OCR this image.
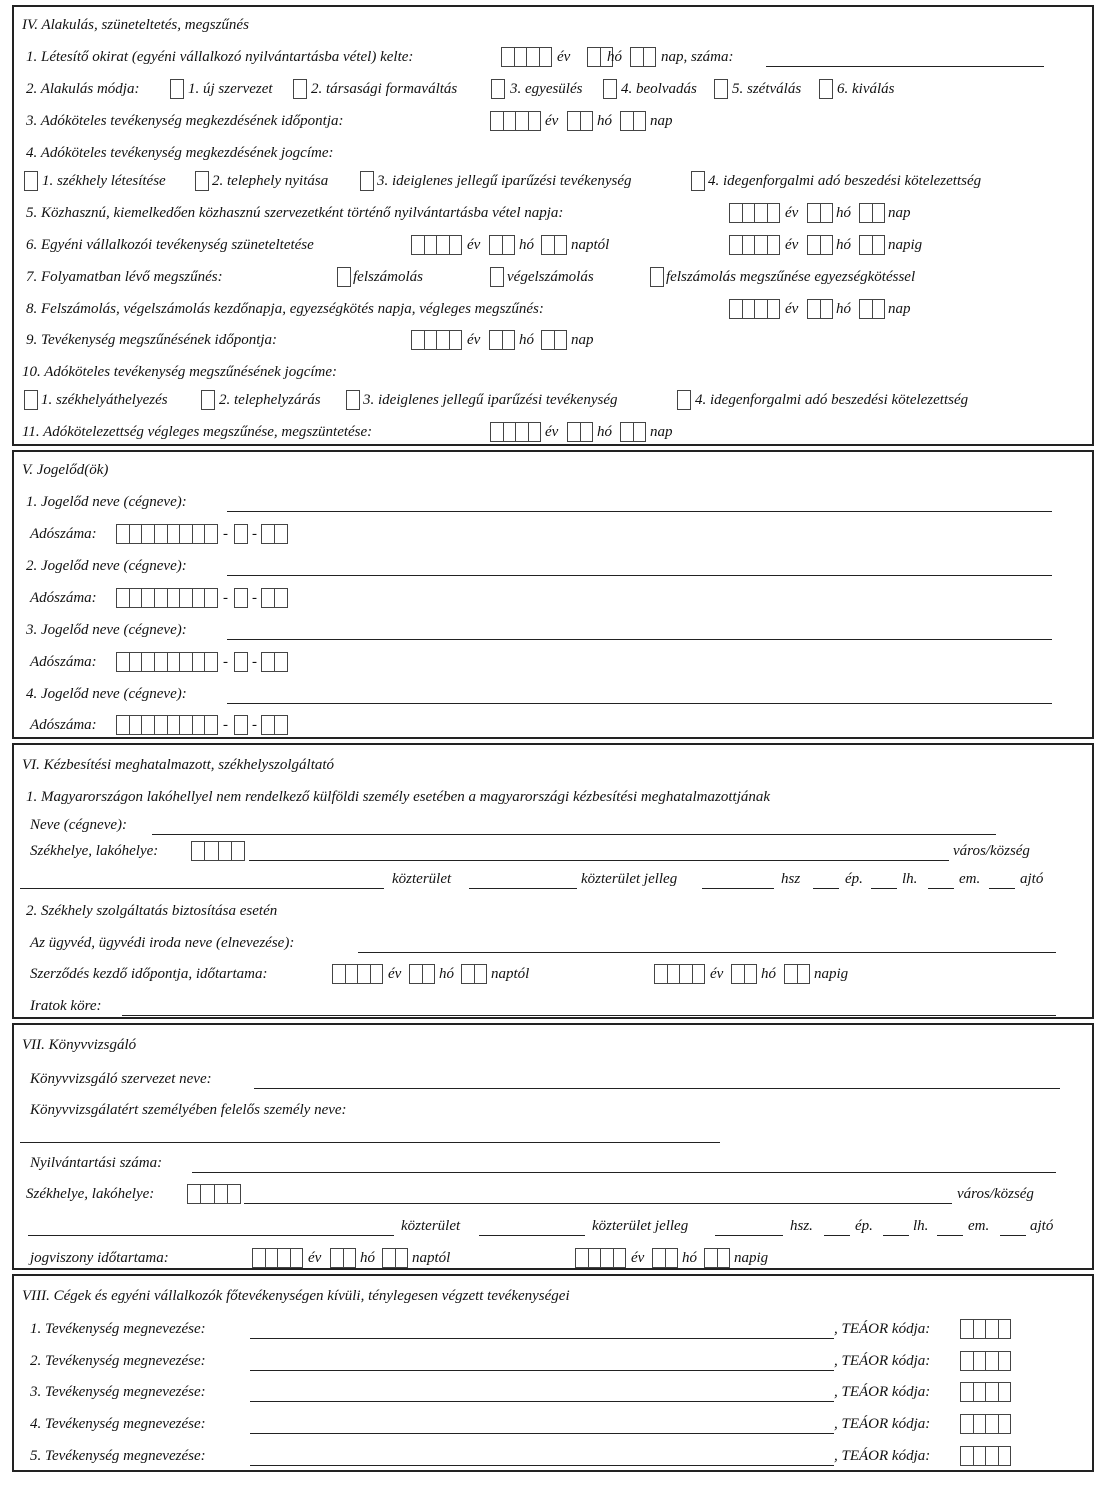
IV. Alakulás, szüneteltetés, megszűnés
1. Létesítő okirat (egyéni vállalkozó nyilvántartásba vétel) kelte:	év hó	nap, száma:
2. Alakulás módja:	1. új szervezet	2. társasági formaváltás	3. egyesülés	4. beolvadás 5. szétválás 6. kiválás
3. Adóköteles tevékenység megkezdésének időpontja:	év	hó	nap
4. Adóköteles tevékenység megkezdésének jogcíme:
1. székhely létesítése	2. telephely nyitása	3. ideiglenes jellegű iparűzési tevékenység	4. idegenforgalmi adó beszedési kötelezettség
5. Közhasznú, kiemelkedően közhasznú szervezetként történő nyilvántartásba vétel napja:	év	hó nap
6. Egyéni vállalkozói tevékenység szüneteltetése	év	hó naptól	év	hó napig
7. Folyamatban lévő megszűnés:	felszámolás	végelszámolás	felszámolás megszűnése egyezségkötéssel
8. Felszámolás, végelszámolás kezdőnapja, egyezségkötés napja, végleges megszűnés:	év	hó nap
9. Tevékenység megszűnésének időpontja:	év	hó nap
10. Adóköteles tevékenység megszűnésének jogcíme:
1. székhelyáthelyezés	2. telephelyzárás	3. ideiglenes jellegű iparűzési tevékenység	4. idegenforgalmi adó beszedési kötelezettség
11. Adókötelezettség végleges megszűnése, megszüntetése:	év	hó	nap
V. Jogelőd(ök)
1. Jogelőd neve (cégneve):
Adószáma:	- -
2. Jogelőd neve (cégneve):
Adószáma:	- -
3. Jogelőd neve (cégneve):
Adószáma:	- -
4. Jogelőd neve (cégneve):
Adószáma:	- -
VI. Kézbesítési meghatalmazott, székhelyszolgáltató
1. Magyarországon lakóhellyel nem rendelkező külföldi személy esetében a magyarországi kézbesítési meghatalmazottjának
Neve (cégneve):
Székhelye, lakóhelye:	város/község
közterület	közterület jelleg	hsz	ép.	lh.	em.	ajtó
2. Székhely szolgáltatás biztosítása esetén
Az ügyvéd, ügyvédi iroda neve (elnevezése):
Szerződés kezdő időpontja, időtartama:	év	hó naptól	év	hó	napig
Iratok köre:
VII. Könyvvizsgáló
Könyvvizsgáló szervezet neve:
Könyvvizsgálatért személyében felelős személy neve:
Nyilvántartási száma:
Székhelye, lakóhelye:	város/község
közterület	közterület jelleg	hsz.	ép.	lh.	em.	ajtó
jogviszony időtartama:	év	hó naptól	év	hó napig
VIII. Cégek és egyéni vállalkozók főtevékenységen kívüli, ténylegesen végzett tevékenységei
1. Tevékenység megnevezése:	, TEÁOR kódja:
2. Tevékenység megnevezése:	, TEÁOR kódja:
3. Tevékenység megnevezése:	, TEÁOR kódja:
4. Tevékenység megnevezése:	, TEÁOR kódja:
5. Tevékenység megnevezése:	, TEÁOR kódja:
